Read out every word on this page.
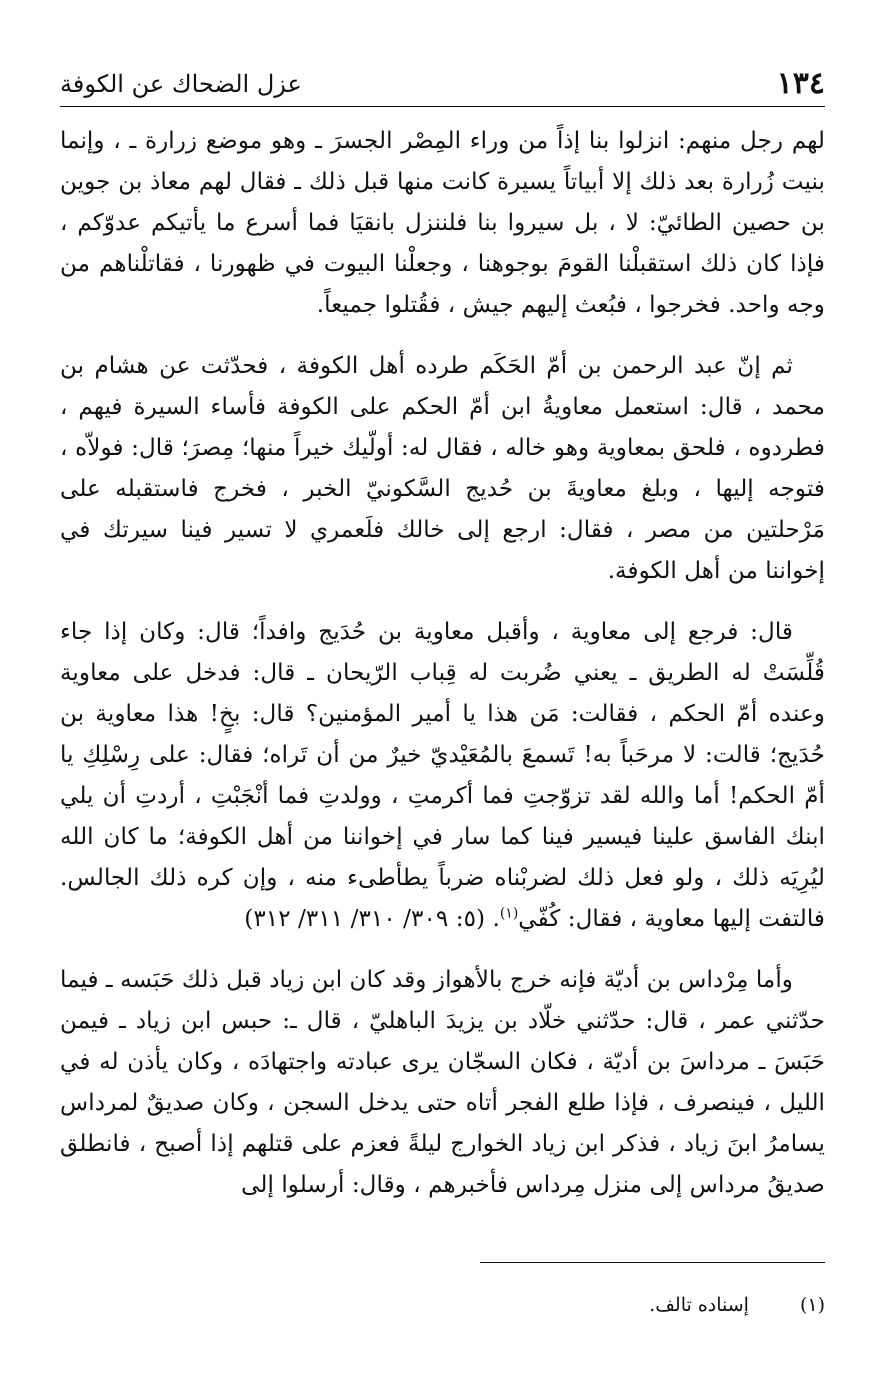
١٣٤
عزل الضحاك عن الكوفة

لهم رجل منهم: انزلوا بنا إذاً من وراء المِصْر الجسرَ ـ وهو موضع زرارة ـ ، وإنما بنيت زُرارة بعد ذلك إلا أبياتاً يسيرة كانت منها قبل ذلك ـ فقال لهم معاذ بن جوين بن حصين الطائيّ: لا ، بل سيروا بنا فلننزل بانقيَا فما أسرع ما يأتيكم عدوّكم ، فإذا كان ذلك استقبلْنا القومَ بوجوهنا ، وجعلْنا البيوت في ظهورنا ، فقاتلْناهم من وجه واحد. فخرجوا ، فبُعث إليهم جيش ، فقُتلوا جميعاً.

ثم إنّ عبد الرحمن بن أمّ الحَكَم طرده أهل الكوفة ، فحدّثت عن هشام بن محمد ، قال: استعمل معاويةُ ابن أمّ الحكم على الكوفة فأساء السيرة فيهم ، فطردوه ، فلحق بمعاوية وهو خاله ، فقال له: أولّيك خيراً منها؛ مِصرَ؛ قال: فولاّه ، فتوجه إليها ، وبلغ معاويةَ بن حُديج السَّكونيّ الخبر ، فخرج فاستقبله على مَرْحلتين من مصر ، فقال: ارجع إلى خالك فلَعمري لا تسير فينا سيرتك في إخواننا من أهل الكوفة.

قال: فرجع إلى معاوية ، وأقبل معاوية بن حُدَيج وافداً؛ قال: وكان إذا جاء قُلِّسَتْ له الطريق ـ يعني ضُربت له قِباب الرّيحان ـ قال: فدخل على معاوية وعنده أمّ الحكم ، فقالت: مَن هذا يا أمير المؤمنين؟ قال: بخٍ! هذا معاوية بن حُدَيج؛ قالت: لا مرحَباً به! تَسمعَ بالمُعَيْديّ خيرٌ من أن تَراه؛ فقال: على رِسْلِكِ يا أمّ الحكم! أما والله لقد تزوّجتِ فما أكرمتِ ، وولدتِ فما أنْجَبْتِ ، أردتِ أن يلي ابنك الفاسق علينا فيسير فينا كما سار في إخواننا من أهل الكوفة؛ ما كان الله ليُرِيَه ذلك ، ولو فعل ذلك لضربْناه ضرباً يطأطىء منه ، وإن كره ذلك الجالس. فالتفت إليها معاوية ، فقال: كُفّي$^{(١)}$. (٥: ٣٠٩/ ٣١٠/ ٣١١/ ٣١٢)

وأما مِرْداس بن أديّة فإنه خرج بالأهواز وقد كان ابن زياد قبل ذلك حَبَسه ـ فيما حدّثني عمر ، قال: حدّثني خلّاد بن يزيدَ الباهليّ ، قال ـ: حبس ابن زياد ـ فيمن حَبَسَ ـ مرداسَ بن أديّة ، فكان السجّان يرى عبادته واجتهادَه ، وكان يأذن له في الليل ، فينصرف ، فإذا طلع الفجر أتاه حتى يدخل السجن ، وكان صديقٌ لمرداس يسامرُ ابنَ زياد ، فذكر ابن زياد الخوارج ليلةً فعزم على قتلهم إذا أصبح ، فانطلق صديقُ مرداس إلى منزل مِرداس فأخبرهم ، وقال: أرسلوا إلى

(١) إسناده تالف.
